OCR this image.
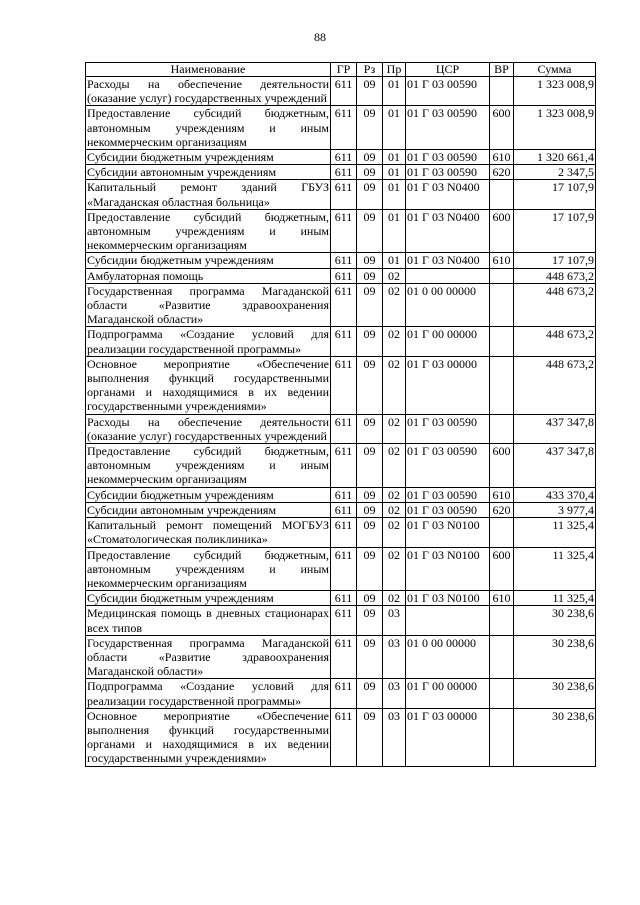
88
Наименование	ГР	Рз	Пр	ЦСР	ВР	Сумма
Расходы на обеспечение деятельности (оказание услуг) государственных учреждений	611	09	01	01 Г 03 00590		1 323 008,9
Предоставление субсидий бюджетным, автономным учреждениям и иным некоммерческим организациям	611	09	01	01 Г 03 00590	600	1 323 008,9
Субсидии бюджетным учреждениям	611	09	01	01 Г 03 00590	610	1 320 661,4
Субсидии автономным учреждениям	611	09	01	01 Г 03 00590	620	2 347,5
Капитальный ремонт зданий ГБУЗ «Магаданская областная больница»	611	09	01	01 Г 03 N0400		17 107,9
Предоставление субсидий бюджетным, автономным учреждениям и иным некоммерческим организациям	611	09	01	01 Г 03 N0400	600	17 107,9
Субсидии бюджетным учреждениям	611	09	01	01 Г 03 N0400	610	17 107,9
Амбулаторная помощь	611	09	02			448 673,2
Государственная программа Магаданской области «Развитие здравоохранения Магаданской области»	611	09	02	01 0 00 00000		448 673,2
Подпрограмма «Создание условий для реализации государственной программы»	611	09	02	01 Г 00 00000		448 673,2
Основное мероприятие «Обеспечение выполнения функций государственными органами и находящимися в их ведении государственными учреждениями»	611	09	02	01 Г 03 00000		448 673,2
Расходы на обеспечение деятельности (оказание услуг) государственных учреждений	611	09	02	01 Г 03 00590		437 347,8
Предоставление субсидий бюджетным, автономным учреждениям и иным некоммерческим организациям	611	09	02	01 Г 03 00590	600	437 347,8
Субсидии бюджетным учреждениям	611	09	02	01 Г 03 00590	610	433 370,4
Субсидии автономным учреждениям	611	09	02	01 Г 03 00590	620	3 977,4
Капитальный ремонт помещений МОГБУЗ «Стоматологическая поликлиника»	611	09	02	01 Г 03 N0100		11 325,4
Предоставление субсидий бюджетным, автономным учреждениям и иным некоммерческим организациям	611	09	02	01 Г 03 N0100	600	11 325,4
Субсидии бюджетным учреждениям	611	09	02	01 Г 03 N0100	610	11 325,4
Медицинская помощь в дневных стационарах всех типов	611	09	03			30 238,6
Государственная программа Магаданской области «Развитие здравоохранения Магаданской области»	611	09	03	01 0 00 00000		30 238,6
Подпрограмма «Создание условий для реализации государственной программы»	611	09	03	01 Г 00 00000		30 238,6
Основное мероприятие «Обеспечение выполнения функций государственными органами и находящимися в их ведении государственными учреждениями»	611	09	03	01 Г 03 00000		30 238,6
